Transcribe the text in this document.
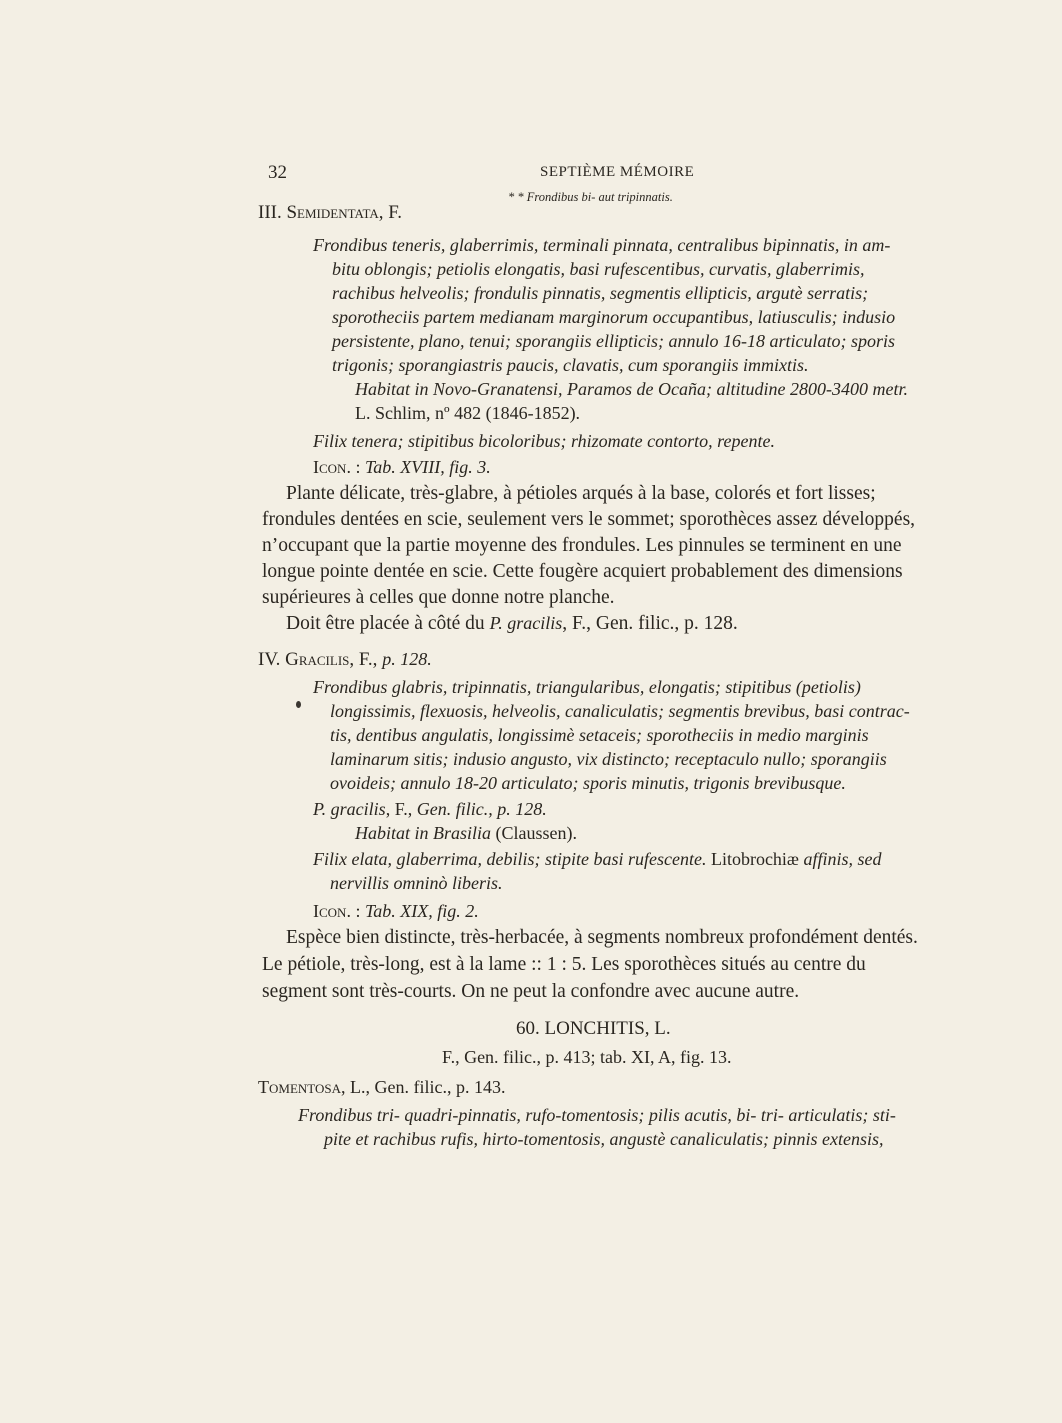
32	SEPTIÈME MÉMOIRE
* * Frondibus bi- aut tripinnatis.
III. Semidentata, F.
Frondibus teneris, glaberrimis, terminali pinnata, centralibus bipinnatis, in am-
bitu oblongis; petiolis elongatis, basi rufescentibus, curvatis, glaberrimis,
rachibus helveolis; frondulis pinnatis, segmentis ellipticis, argutè serratis;
sporotheciis partem medianam marginorum occupantibus, latiusculis; indusio
persistente, plano, tenui; sporangiis ellipticis; annulo 16-18 articulato; sporis
trigonis; sporangiastris paucis, clavatis, cum sporangiis immixtis.
Habitat in Novo-Granatensi, Paramos de Ocaña; altitudine 2800-3400 metr.
L. Schlim, nº 482 (1846-1852).
Filix tenera; stipitibus bicoloribus; rhizomate contorto, repente.
Icon. : Tab. XVIII, fig. 3.
Plante délicate, très-glabre, à pétioles arqués à la base, colorés et fort lisses;
frondules dentées en scie, seulement vers le sommet; sporothèces assez développés,
n’occupant que la partie moyenne des frondules. Les pinnules se terminent en une
longue pointe dentée en scie. Cette fougère acquiert probablement des dimensions
supérieures à celles que donne notre planche.
Doit être placée à côté du P. gracilis, F., Gen. filic., p. 128.
IV. Gracilis, F., p. 128.
Frondibus glabris, tripinnatis, triangularibus, elongatis; stipitibus (petiolis)
longissimis, flexuosis, helveolis, canaliculatis; segmentis brevibus, basi contrac-
tis, dentibus angulatis, longissimè setaceis; sporotheciis in medio marginis
laminarum sitis; indusio angusto, vix distincto; receptaculo nullo; sporangiis
ovoideis; annulo 18-20 articulato; sporis minutis, trigonis brevibusque.
P. gracilis, F., Gen. filic., p. 128.
Habitat in Brasilia (Claussen).
Filix elata, glaberrima, debilis; stipite basi rufescente. Litobrochiæ affinis, sed
nervillis omninò liberis.
Icon. : Tab. XIX, fig. 2.
Espèce bien distincte, très-herbacée, à segments nombreux profondément dentés.
Le pétiole, très-long, est à la lame :: 1 : 5. Les sporothèces situés au centre du
segment sont très-courts. On ne peut la confondre avec aucune autre.
60. LONCHITIS, L.
F., Gen. filic., p. 413; tab. XI, A, fig. 13.
Tomentosa, L., Gen. filic., p. 143.
Frondibus tri- quadri-pinnatis, rufo-tomentosis; pilis acutis, bi- tri- articulatis; sti-
pite et rachibus rufis, hirto-tomentosis, angustè canaliculatis; pinnis extensis,
